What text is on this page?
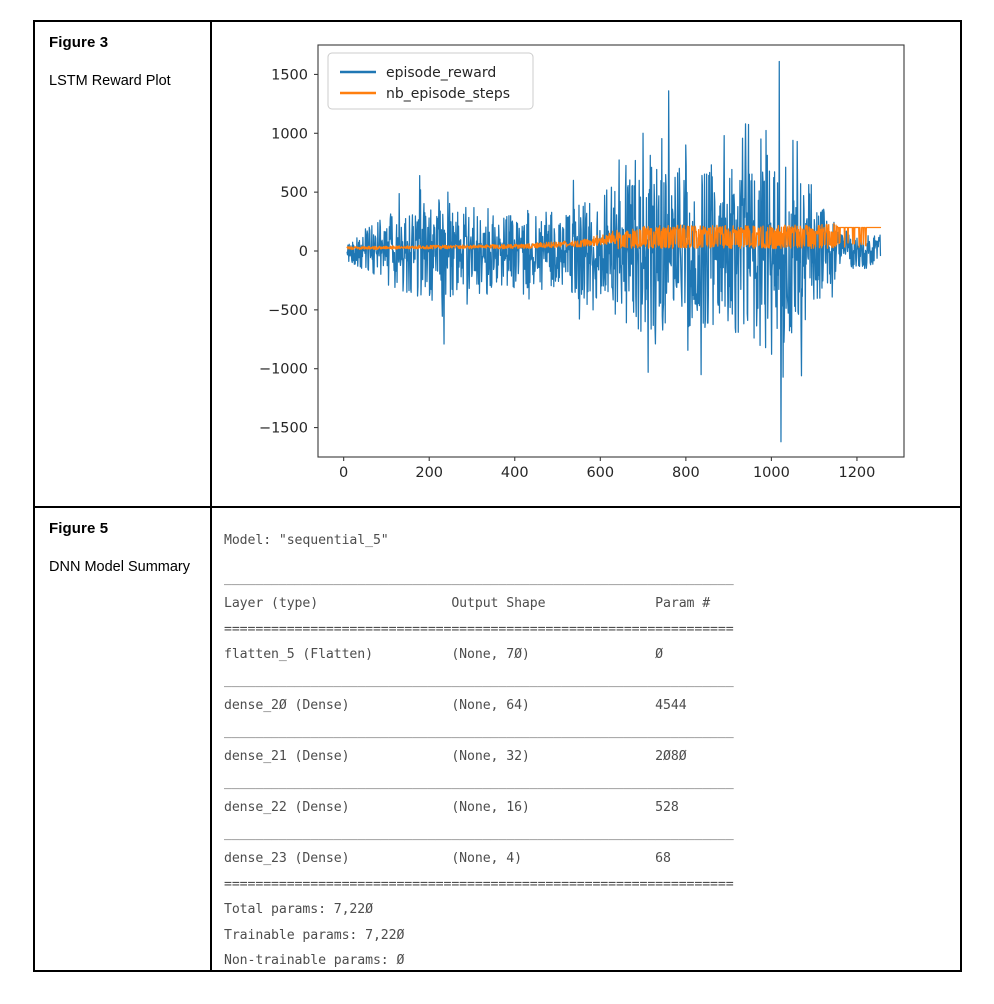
Figure 3
LSTM Reward Plot
0	200	400	600	800	1000	1200
−1500
−1000
−500
0
500
1000
1500	episode_reward
nb_episode_steps
Figure 5
DNN Model Summary
Model: "sequential_5"
_________________________________________________________________
Layer (type)                 Output Shape              Param #
=================================================================
flatten_5 (Flatten)          (None, 7Ø)                Ø
_________________________________________________________________
dense_2Ø (Dense)             (None, 64)                4544
_________________________________________________________________
dense_21 (Dense)             (None, 32)                2Ø8Ø
_________________________________________________________________
dense_22 (Dense)             (None, 16)                528
_________________________________________________________________
dense_23 (Dense)             (None, 4)                 68
=================================================================
Total params: 7,22Ø
Trainable params: 7,22Ø
Non-trainable params: Ø
